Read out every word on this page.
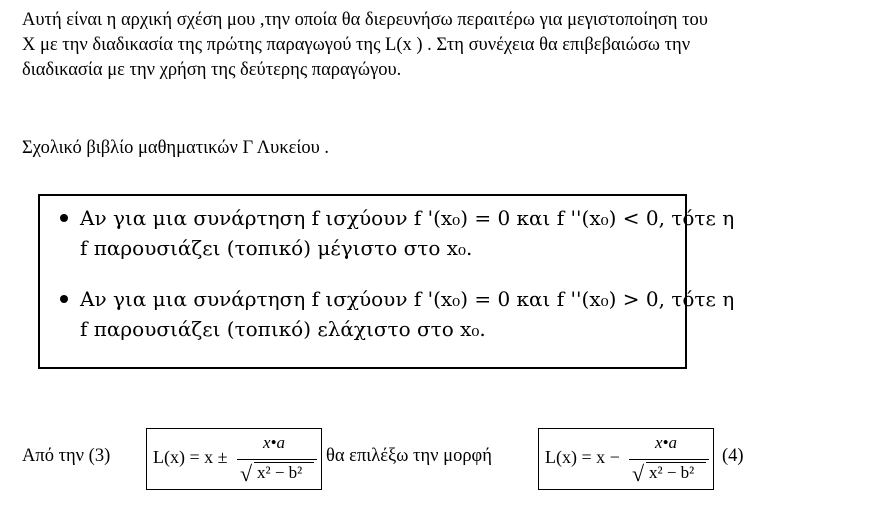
Αυτή είναι η αρχική σχέση μου ,την οποία θα διερευνήσω περαιτέρω για μεγιστοποίηση του
Χ με την διαδικασία της πρώτης παραγωγού της L(x ) . Στη συνέχεια θα επιβεβαιώσω την
διαδικασία με την χρήση της δεύτερης παραγώγου.
Σχολικό βιβλίο μαθηματικών Γ Λυκείου .
Αν για μια συνάρτηση f ισχύουν f '(x₀) = 0 και f ''(x₀) < 0, τότε η
f παρουσιάζει (τοπικό) μέγιστο στο x₀.
Αν για μια συνάρτηση f ισχύουν f '(x₀) = 0 και f ''(x₀) > 0, τότε η
f παρουσιάζει (τοπικό) ελάχιστο στο x₀.
Από την (3) L(x) = x ±
x•a
√ x² − b²
θα επιλέξω την μορφή	L(x) = x −
x•a
√ x² − b²
(4)
